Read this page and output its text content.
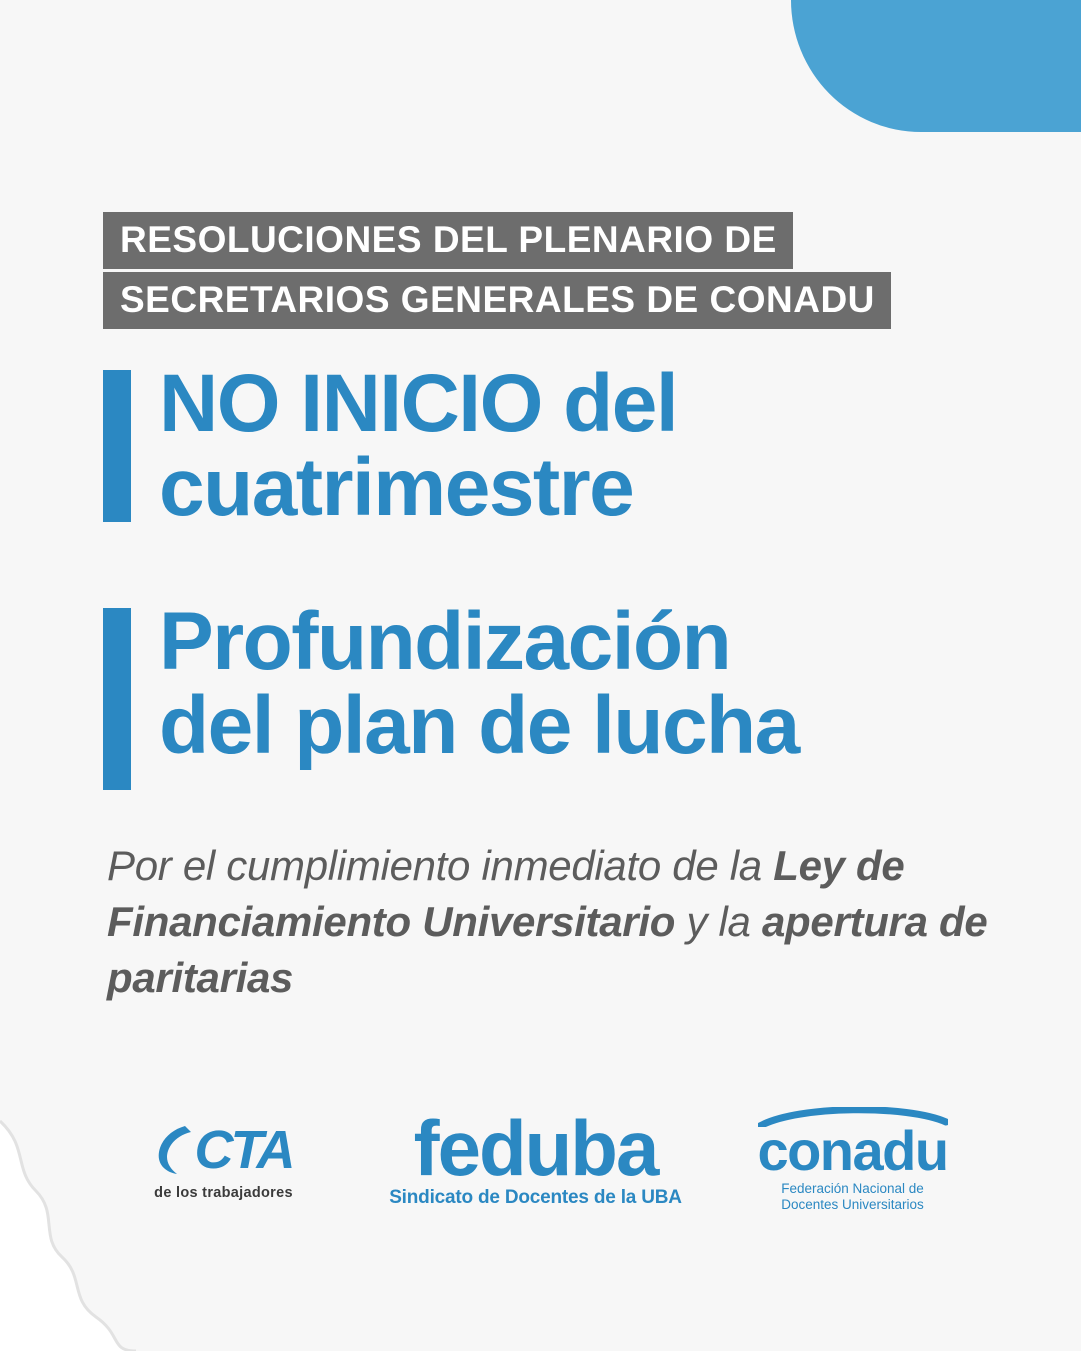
RESOLUCIONES DEL PLENARIO DE SECRETARIOS GENERALES DE CONADU
NO INICIO del
cuatrimestre
Profundización
del plan de lucha
Por el cumplimiento inmediato de la Ley de Financiamiento Universitario y la apertura de paritarias
CTA
de los trabajadores
feduba
Sindicato de Docentes de la UBA
conadu
Federación Nacional de
Docentes Universitarios
